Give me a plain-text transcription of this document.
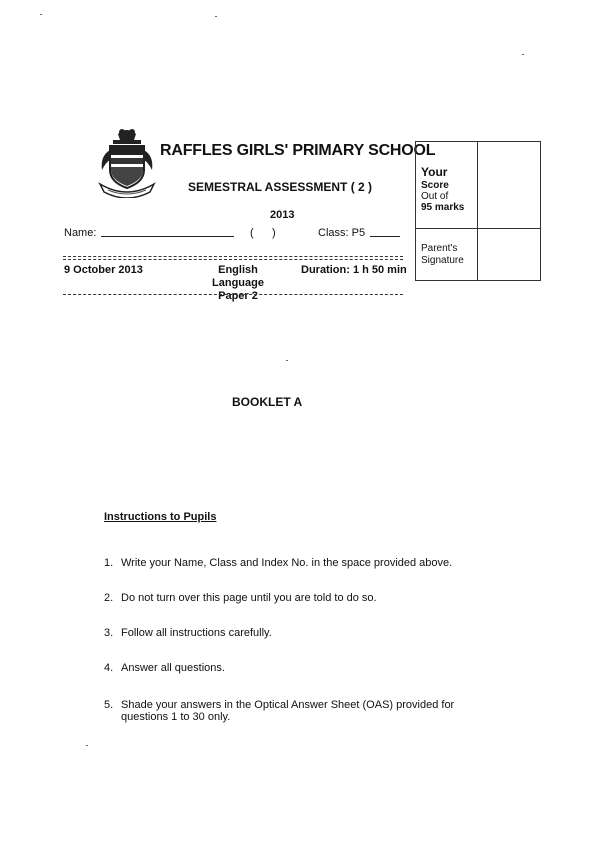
RAFFLES GIRLS' PRIMARY SCHOOL
SEMESTRAL ASSESSMENT ( 2 )
2013
Name:	(      )	Class: P5
9 October 2013	English Language
Paper 2
Duration: 1 h 50 min
Your
Score
Out of
95 marks
Parent's Signature
BOOKLET A
Instructions to Pupils
1. Write your Name, Class and Index No. in the space provided above.
2. Do not turn over this page until you are told to do so.
3. Follow all instructions carefully.
4. Answer all questions.
5. Shade your answers in the Optical Answer Sheet (OAS) provided for questions 1 to 30 only.
